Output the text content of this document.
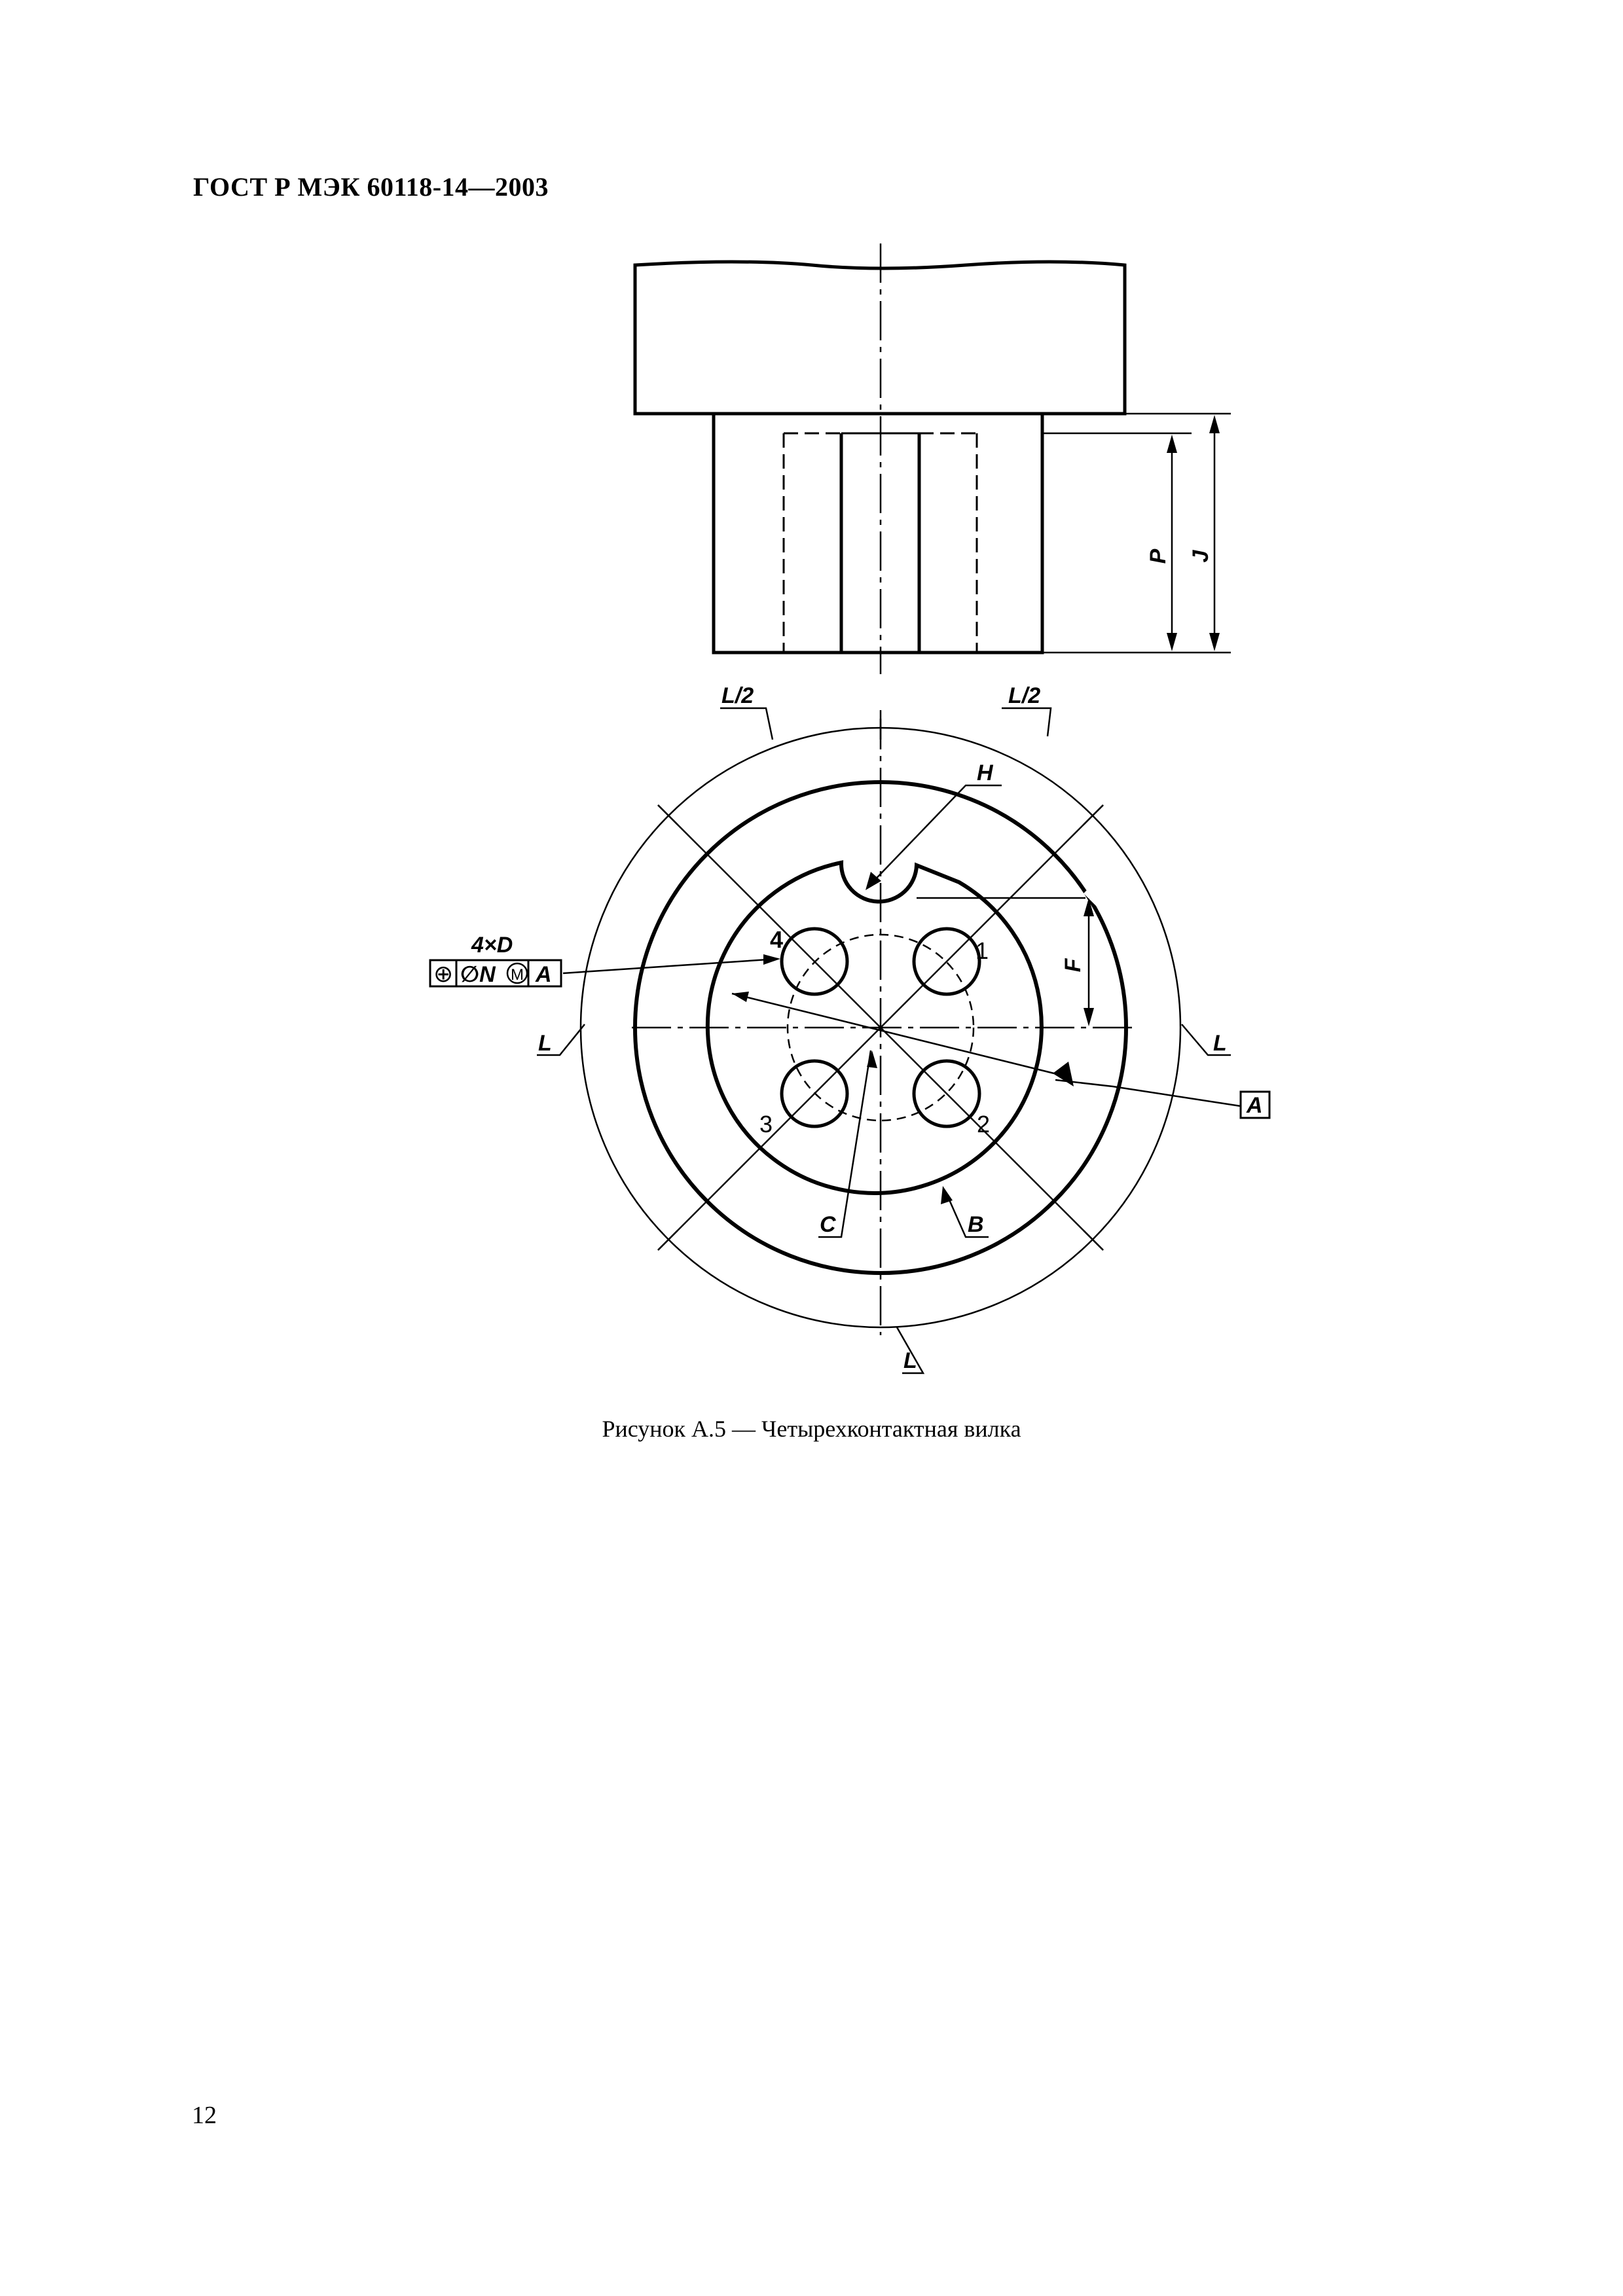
ГОСТ Р МЭК 60118-14—2003
P J
L/2	L/2
H
F
C	B
L	L
L
A
4×D
⊕ ∅N M A
1
2
3
4
Рисунок А.5 — Четырехконтактная вилка
12
